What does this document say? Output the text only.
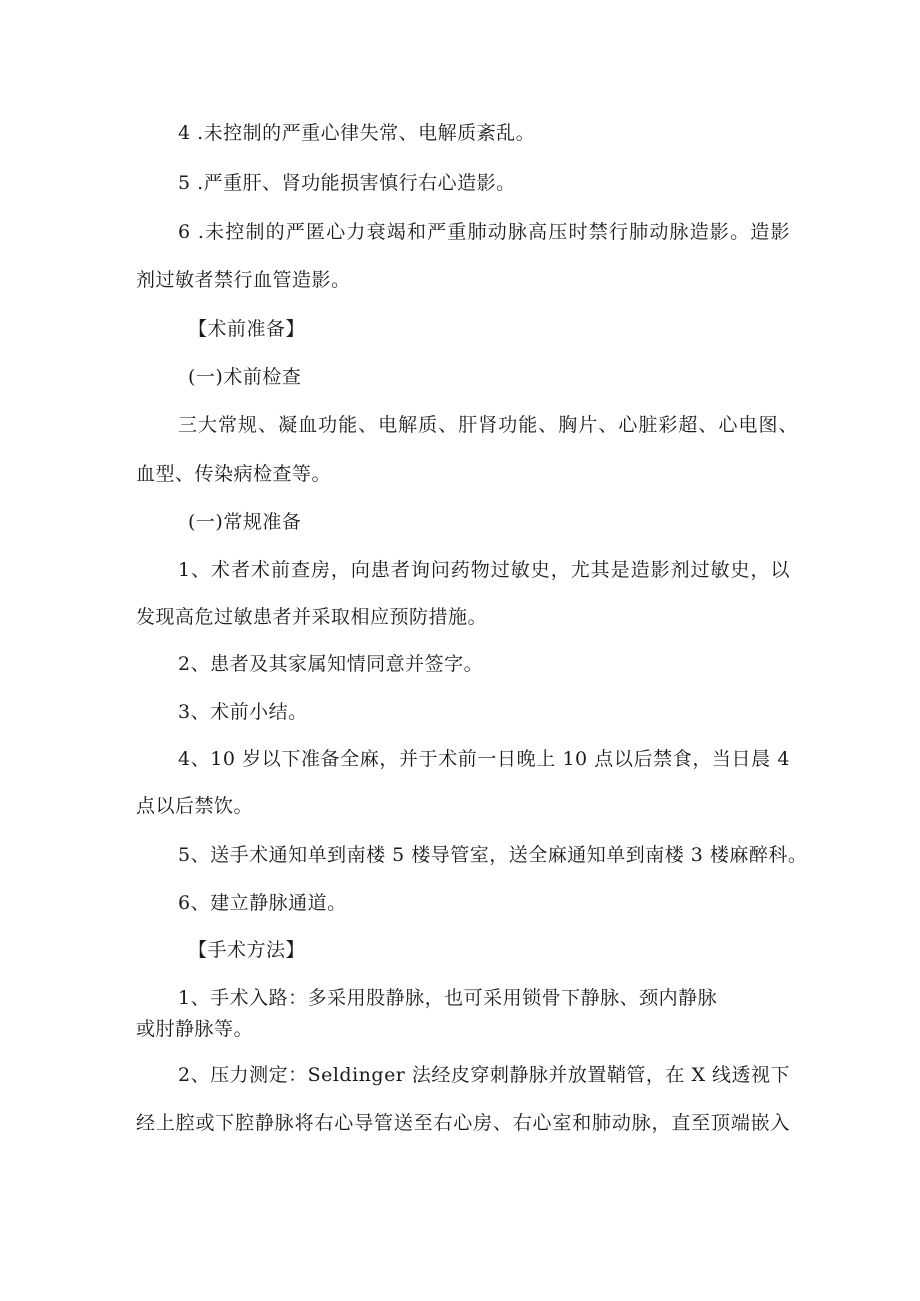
4 .未控制的严重心律失常、电解质紊乱。
5 .严重肝、肾功能损害慎行右心造影。
6 .未控制的严匿心力衰竭和严重肺动脉高压时禁行肺动脉造影。造影
剂过敏者禁行血管造影。
【术前准备】
(一)术前检查
三大常规、凝血功能、电解质、肝肾功能、胸片、心脏彩超、心电图、
血型、传染病检查等。
(一)常规准备
1、术者术前查房，向患者询问药物过敏史，尤其是造影剂过敏史，以
发现高危过敏患者并采取相应预防措施。
2、患者及其家属知情同意并签字。
3、术前小结。
4、10 岁以下准备全麻，并于术前一日晚上 10 点以后禁食，当日晨 4
点以后禁饮。
5、送手术通知单到南楼 5 楼导管室，送全麻通知单到南楼 3 楼麻醉科。
6、建立静脉通道。
【手术方法】
1、手术入路：多采用股静脉，也可采用锁骨下静脉、颈内静脉
或肘静脉等。
2、压力测定：Seldinger 法经皮穿刺静脉并放置鞘管，在 X 线透视下
经上腔或下腔静脉将右心导管送至右心房、右心室和肺动脉，直至顶端嵌入
